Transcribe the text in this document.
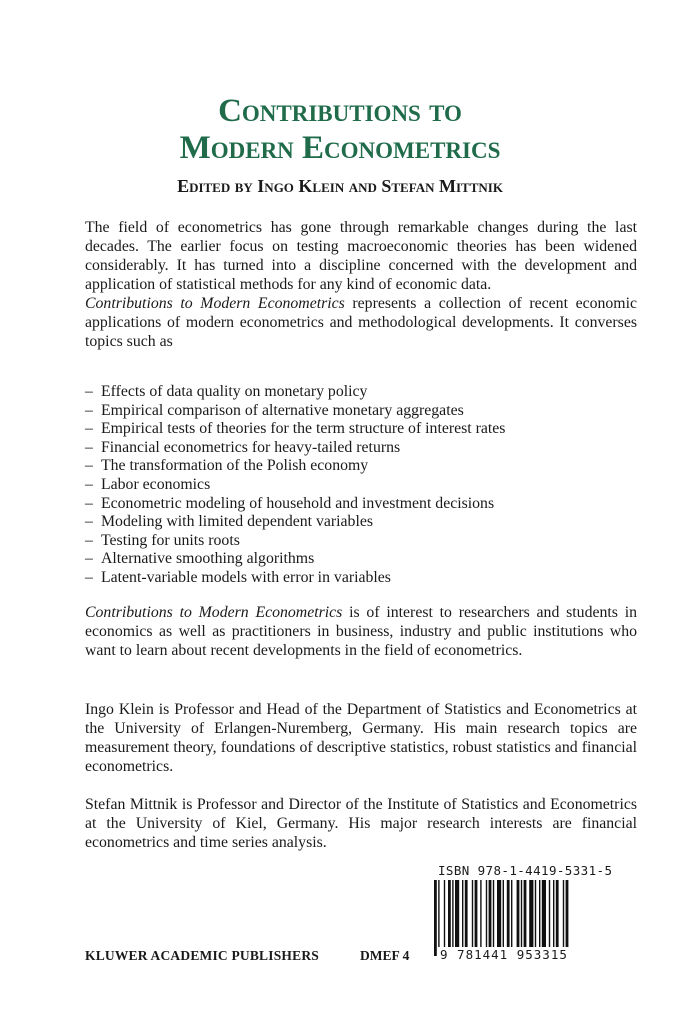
Contributions to
Modern Econometrics
Edited by Ingo Klein and Stefan Mittnik

The field of econometrics has gone through remarkable changes during the last decades. The earlier focus on testing macroeconomic theories has been widened considerably. It has turned into a discipline concerned with the development and application of statistical methods for any kind of economic data.

Contributions to Modern Econometrics represents a collection of recent economic applications of modern econometrics and methodological developments. It converses topics such as

– Effects of data quality on monetary policy
– Empirical comparison of alternative monetary aggregates
– Empirical tests of theories for the term structure of interest rates
– Financial econometrics for heavy-tailed returns
– The transformation of the Polish economy
– Labor economics
– Econometric modeling of household and investment decisions
– Modeling with limited dependent variables
– Testing for units roots
– Alternative smoothing algorithms
– Latent-variable models with error in variables

Contributions to Modern Econometrics is of interest to researchers and students in economics as well as practitioners in business, industry and public institutions who want to learn about recent developments in the field of econometrics.

Ingo Klein is Professor and Head of the Department of Statistics and Econometrics at the University of Erlangen-Nuremberg, Germany. His main research topics are measurement theory, foundations of descriptive statistics, robust statistics and financial econometrics.

Stefan Mittnik is Professor and Director of the Institute of Statistics and Econometrics at the University of Kiel, Germany. His major research interests are financial econometrics and time series analysis.

ISBN 978-1-4419-5331-5
9 781441 953315
KLUWER ACADEMIC PUBLISHERS	DMEF 4
